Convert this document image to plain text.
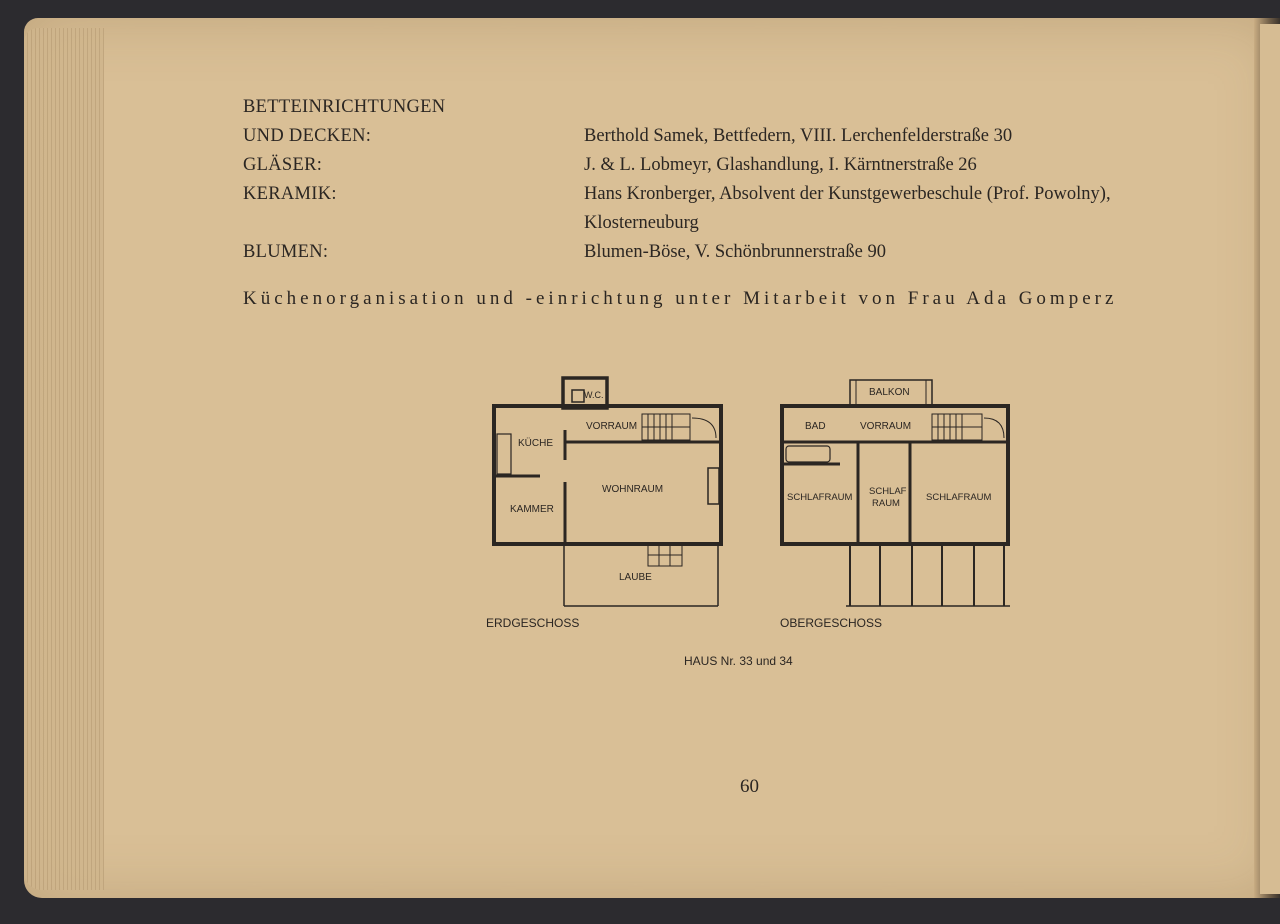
BETTEINRICHTUNGEN
UND DECKEN:	Berthold Samek, Bettfedern, VIII. Lerchenfelderstraße 30
GLÄSER:	J. & L. Lobmeyr, Glashandlung, I. Kärntnerstraße 26
KERAMIK:	Hans Kronberger, Absolvent der Kunstgewerbeschule (Prof. Powolny),
Klosterneuburg
BLUMEN:	Blumen-Böse, V. Schönbrunnerstraße 90
Küchenorganisation und -einrichtung unter Mitarbeit von Frau Ada Gomperz
W.C.
KÜCHE
VORRAUM
WOHNRAUM
KAMMER
LAUBE
BALKON
BAD	VORRAUM
SCHLAFRAUM
SCHLAF
RAUM
SCHLAFRAUM
ERDGESCHOSS	OBERGESCHOSS
HAUS Nr. 33 und 34
60
